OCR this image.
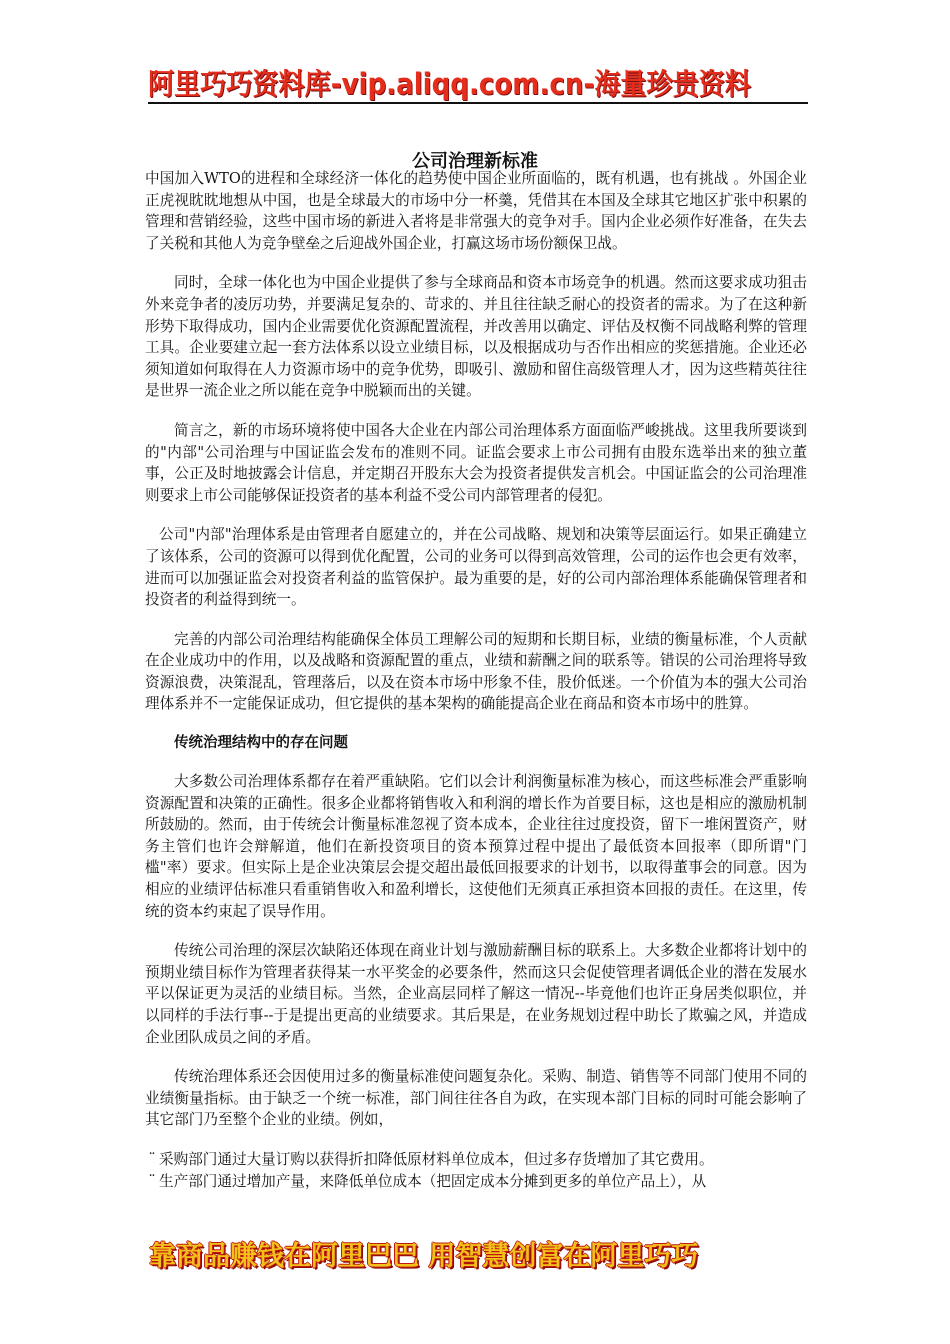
阿里巧巧资料库-vip.aliqq.com.cn-海量珍贵资料
公司治理新标准

中国加入WTO的进程和全球经济一体化的趋势使中国企业所面临的，既有机遇，也有挑战 。外国企业正虎视眈眈地想从中国，也是全球最大的市场中分一杯羹，凭借其在本国及全球其它地区扩张中积累的管理和营销经验，这些中国市场的新进入者将是非常强大的竞争对手。国内企业必须作好准备，在失去了关税和其他人为竞争壁垒之后迎战外国企业，打赢这场市场份额保卫战。

同时，全球一体化也为中国企业提供了参与全球商品和资本市场竞争的机遇。然而这要求成功狙击外来竞争者的凌厉功势，并要满足复杂的、苛求的、并且往往缺乏耐心的投资者的需求。为了在这种新形势下取得成功，国内企业需要优化资源配置流程，并改善用以确定、评估及权衡不同战略利弊的管理工具。企业要建立起一套方法体系以设立业绩目标，以及根据成功与否作出相应的奖惩措施。企业还必须知道如何取得在人力资源市场中的竞争优势，即吸引、激励和留住高级管理人才，因为这些精英往往是世界一流企业之所以能在竞争中脱颖而出的关键。

简言之，新的市场环境将使中国各大企业在内部公司治理体系方面面临严峻挑战。这里我所要谈到的"内部"公司治理与中国证监会发布的准则不同。证监会要求上市公司拥有由股东选举出来的独立董事，公正及时地披露会计信息，并定期召开股东大会为投资者提供发言机会。中国证监会的公司治理准则要求上市公司能够保证投资者的基本利益不受公司内部管理者的侵犯。

公司"内部"治理体系是由管理者自愿建立的，并在公司战略、规划和决策等层面运行。如果正确建立了该体系，公司的资源可以得到优化配置，公司的业务可以得到高效管理，公司的运作也会更有效率，进而可以加强证监会对投资者利益的监管保护。最为重要的是，好的公司内部治理体系能确保管理者和投资者的利益得到统一。

完善的内部公司治理结构能确保全体员工理解公司的短期和长期目标，业绩的衡量标准，个人贡献在企业成功中的作用，以及战略和资源配置的重点，业绩和薪酬之间的联系等。错误的公司治理将导致资源浪费，决策混乱，管理落后，以及在资本市场中形象不佳，股价低迷。一个价值为本的强大公司治理体系并不一定能保证成功，但它提供的基本架构的确能提高企业在商品和资本市场中的胜算。

传统治理结构中的存在问题

大多数公司治理体系都存在着严重缺陷。它们以会计利润衡量标准为核心，而这些标准会严重影响资源配置和决策的正确性。很多企业都将销售收入和利润的增长作为首要目标，这也是相应的激励机制所鼓励的。然而，由于传统会计衡量标准忽视了资本成本，企业往往过度投资，留下一堆闲置资产，财务主管们也许会辩解道，他们在新投资项目的资本预算过程中提出了最低资本回报率（即所谓"门槛"率）要求。但实际上是企业决策层会提交超出最低回报要求的计划书，以取得董事会的同意。因为相应的业绩评估标准只看重销售收入和盈利增长，这使他们无须真正承担资本回报的责任。在这里，传统的资本约束起了误导作用。

传统公司治理的深层次缺陷还体现在商业计划与激励薪酬目标的联系上。大多数企业都将计划中的预期业绩目标作为管理者获得某一水平奖金的必要条件，然而这只会促使管理者调低企业的潜在发展水平以保证更为灵活的业绩目标。当然，企业高层同样了解这一情况--毕竟他们也许正身居类似职位，并以同样的手法行事--于是提出更高的业绩要求。其后果是，在业务规划过程中助长了欺骗之风，并造成企业团队成员之间的矛盾。

传统治理体系还会因使用过多的衡量标准使问题复杂化。采购、制造、销售等不同部门使用不同的业绩衡量指标。由于缺乏一个统一标准，部门间往往各自为政，在实现本部门目标的同时可能会影响了其它部门乃至整个企业的业绩。例如，

¨ 采购部门通过大量订购以获得折扣降低原材料单位成本，但过多存货增加了其它费用。
¨ 生产部门通过增加产量，来降低单位成本（把固定成本分摊到更多的单位产品上），从
靠商品赚钱在阿里巴巴 用智慧创富在阿里巧巧
